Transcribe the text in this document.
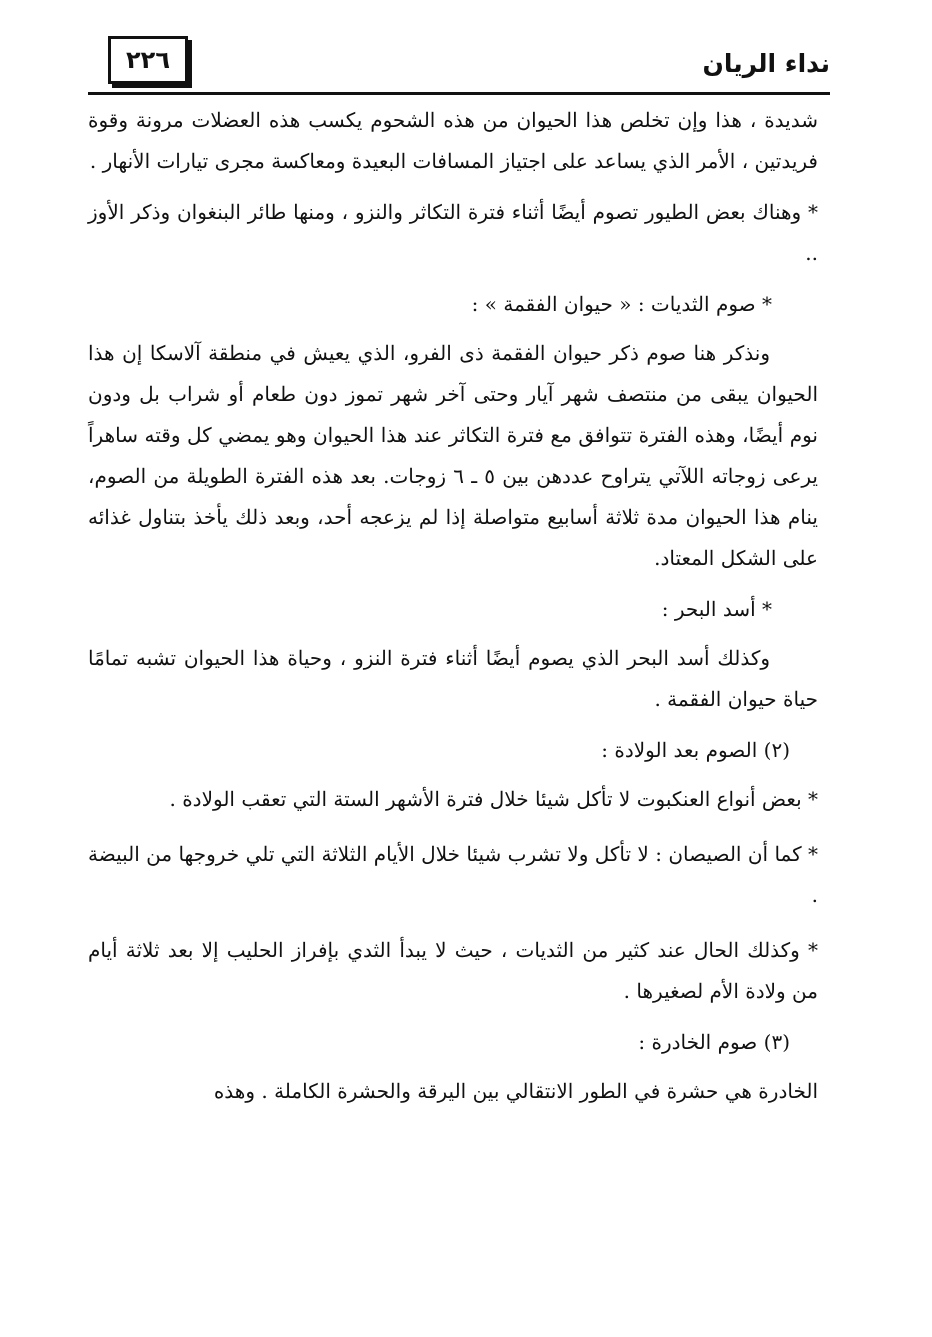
نداء الريان
٢٢٦

شديدة ، هذا وإن تخلص هذا الحيوان من هذه الشحوم يكسب هذه العضلات مرونة وقوة فريدتين ، الأمر الذي يساعد على اجتياز المسافات البعيدة ومعاكسة مجرى تيارات الأنهار .

* وهناك بعض الطيور تصوم أيضًا أثناء فترة التكاثر والنزو ، ومنها طائر البنغوان وذكر الأوز ..

* صوم الثديات : « حيوان الفقمة » :

ونذكر هنا صوم ذكر حيوان الفقمة ذى الفرو، الذي يعيش في منطقة آلاسكا إن هذا الحيوان يبقى من منتصف شهر آيار وحتى آخر شهر تموز دون طعام أو شراب بل ودون نوم أيضًا، وهذه الفترة تتوافق مع فترة التكاثر عند هذا الحيوان وهو يمضي كل وقته ساهراً يرعى زوجاته اللآتي يتراوح عددهن بين ٥ ـ ٦ زوجات. بعد هذه الفترة الطويلة من الصوم، ينام هذا الحيوان مدة ثلاثة أسابيع متواصلة إذا لم يزعجه أحد، وبعد ذلك يأخذ بتناول غذائه على الشكل المعتاد.

* أسد البحر :

وكذلك أسد البحر الذي يصوم أيضًا أثناء فترة النزو ، وحياة هذا الحيوان تشبه تمامًا حياة حيوان الفقمة .

(٢) الصوم بعد الولادة :

* بعض أنواع العنكبوت لا تأكل شيئا خلال فترة الأشهر الستة التي تعقب الولادة .

* كما أن الصيصان : لا تأكل ولا تشرب شيئا خلال الأيام الثلاثة التي تلي خروجها من البيضة .

* وكذلك الحال عند كثير من الثديات ، حيث لا يبدأ الثدي بإفراز الحليب إلا بعد ثلاثة أيام من ولادة الأم لصغيرها .

(٣) صوم الخادرة :

الخادرة هي حشرة في الطور الانتقالي بين اليرقة والحشرة الكاملة . وهذه
